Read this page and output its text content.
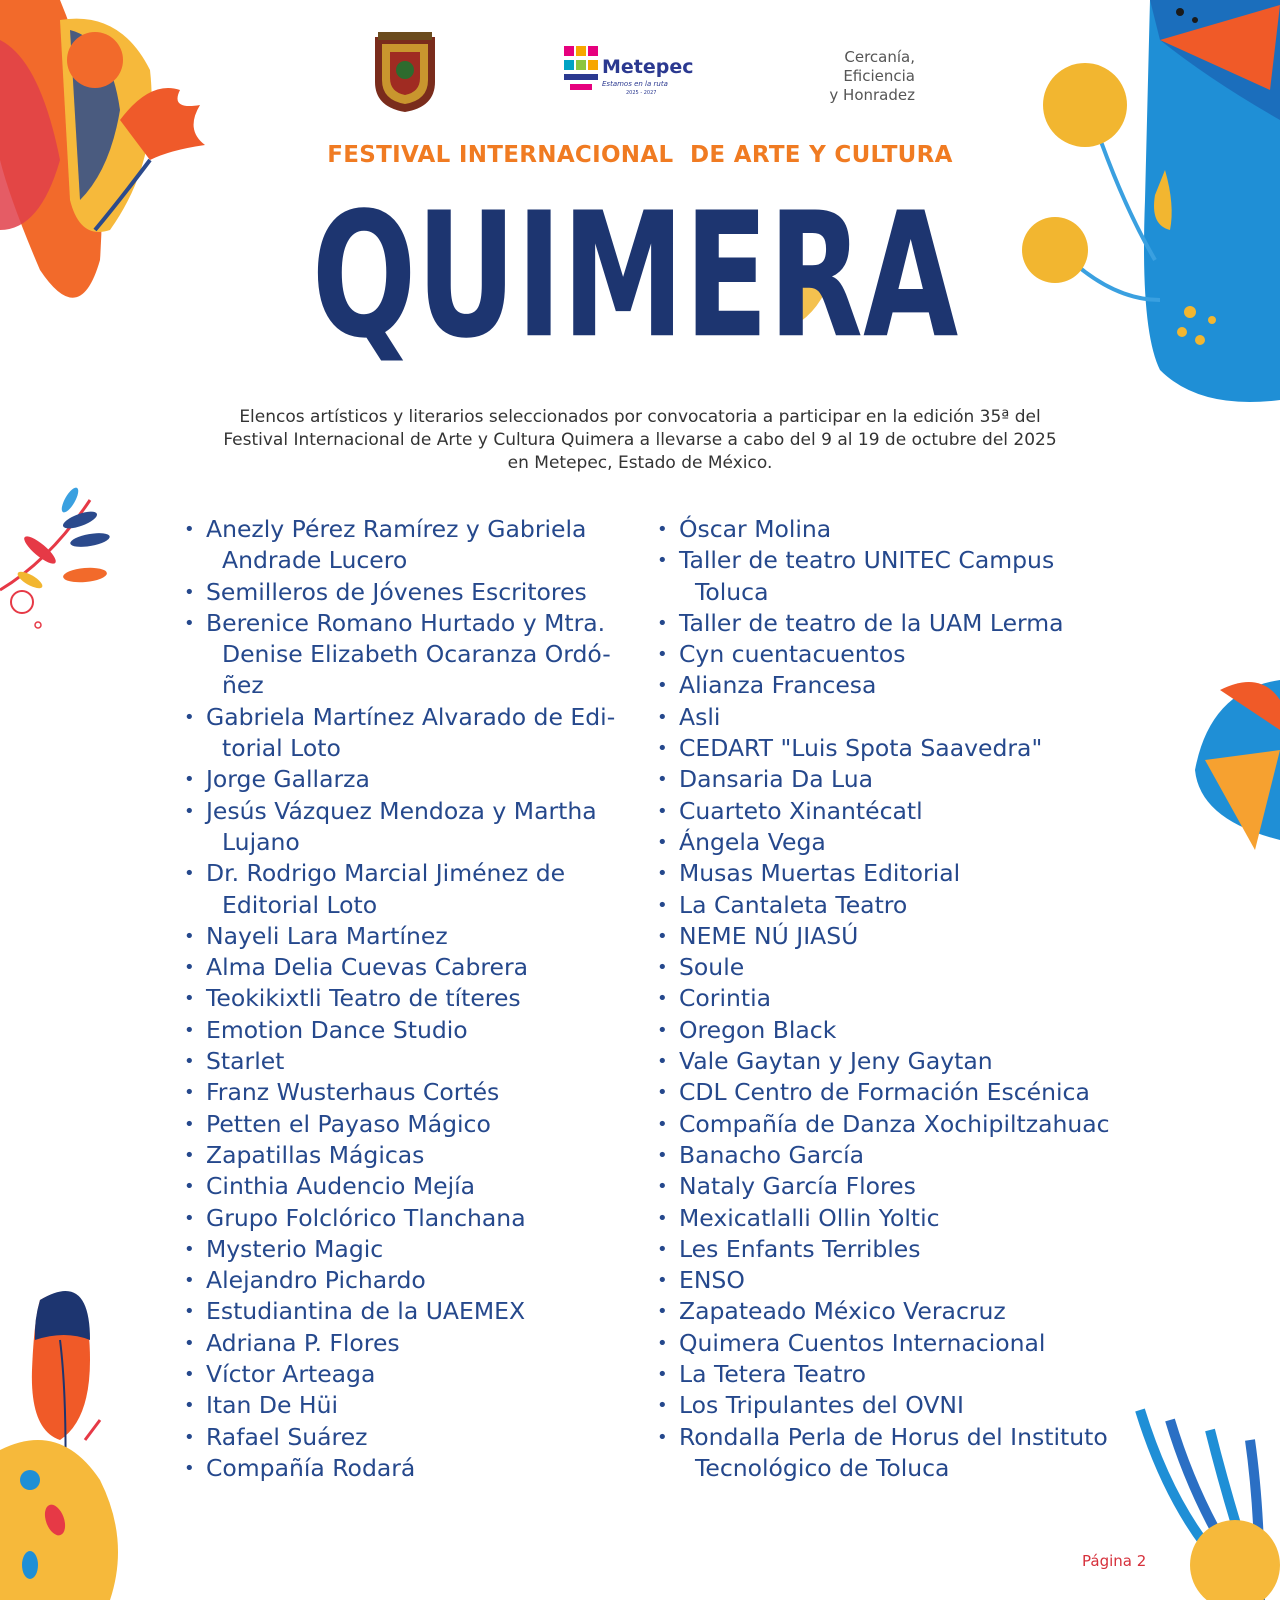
Metepec
Estamos en la ruta
2025 - 2027
Cercanía,
Eficiencia
y Honradez
FESTIVAL INTERNACIONAL  DE ARTE Y CULTURA
QUIMERA
Elencos artísticos y literarios seleccionados por convocatoria a participar en la edición 35ª del
Festival Internacional de Arte y Cultura Quimera a llevarse a cabo del 9 al 19 de octubre del 2025
en Metepec, Estado de México.
• Anezly Pérez Ramírez y Gabriela
Andrade Lucero
• Semilleros de Jóvenes Escritores
• Berenice Romano Hurtado y Mtra.
Denise Elizabeth Ocaranza Ordó-
ñez
• Gabriela Martínez Alvarado de Edi-
torial Loto
• Jorge Gallarza
• Jesús Vázquez Mendoza y Martha
Lujano
• Dr. Rodrigo Marcial Jiménez de
Editorial Loto
• Nayeli Lara Martínez
• Alma Delia Cuevas Cabrera
• Teokikixtli Teatro de títeres
• Emotion Dance Studio
• Starlet
• Franz Wusterhaus Cortés
• Petten el Payaso Mágico
• Zapatillas Mágicas
• Cinthia Audencio Mejía
• Grupo Folclórico Tlanchana
• Mysterio Magic
• Alejandro Pichardo
• Estudiantina de la UAEMEX
• Adriana P. Flores
• Víctor Arteaga
• Itan De Hüi
• Rafael Suárez
• Compañía Rodará
• Óscar Molina
• Taller de teatro UNITEC Campus
Toluca
• Taller de teatro de la UAM Lerma
• Cyn cuentacuentos
• Alianza Francesa
• Asli
• CEDART "Luis Spota Saavedra"
• Dansaria Da Lua
• Cuarteto Xinantécatl
• Ángela Vega
• Musas Muertas Editorial
• La Cantaleta Teatro
• NEME NÚ JIASÚ
• Soule
• Corintia
• Oregon Black
• Vale Gaytan y Jeny Gaytan
• CDL Centro de Formación Escénica
• Compañía de Danza Xochipiltzahuac
• Banacho García
• Nataly García Flores
• Mexicatlalli Ollin Yoltic
• Les Enfants Terribles
• ENSO
• Zapateado México Veracruz
• Quimera Cuentos Internacional
• La Tetera Teatro
• Los Tripulantes del OVNI
• Rondalla Perla de Horus del Instituto
Tecnológico de Toluca
Página 2
